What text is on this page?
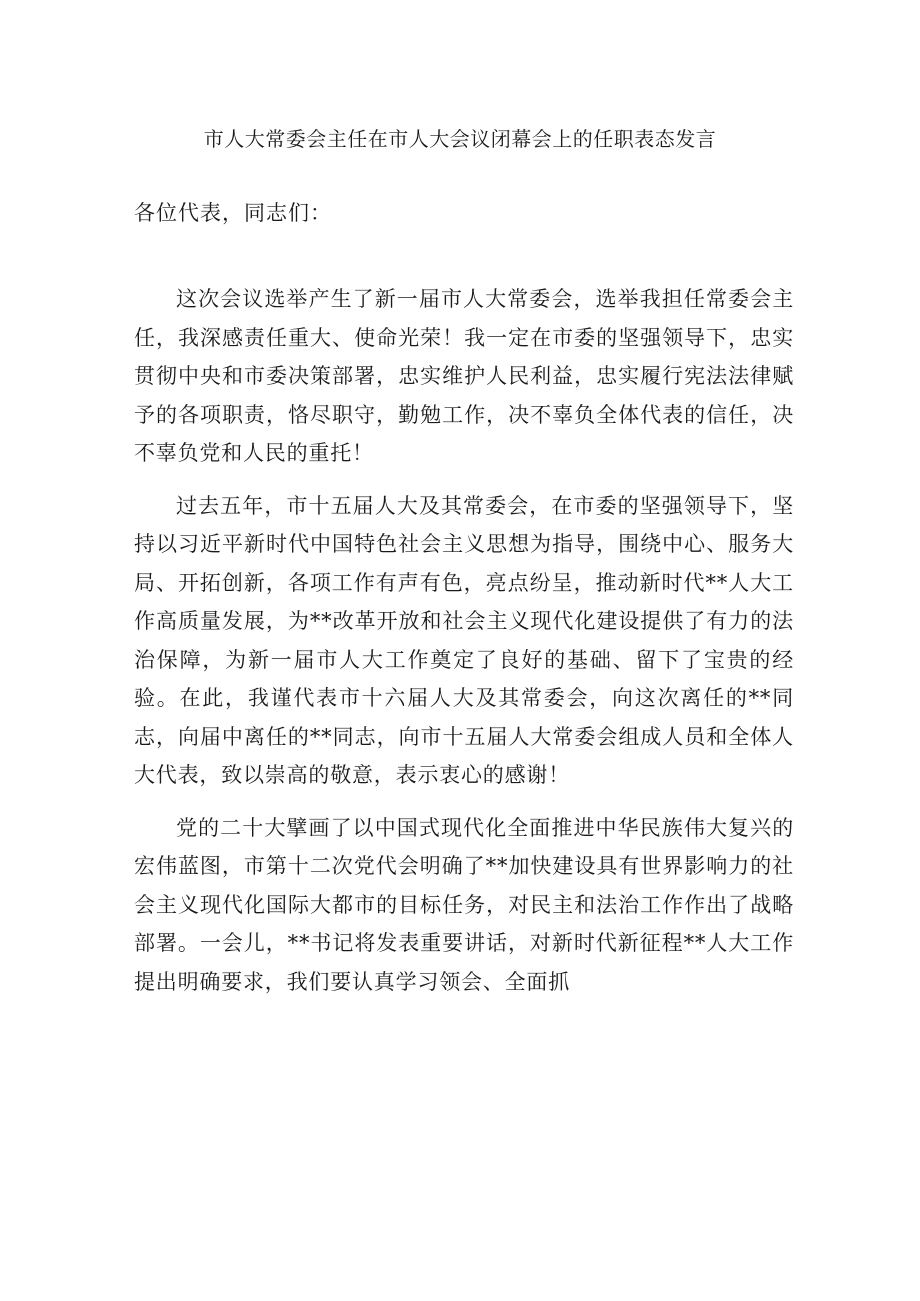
市人大常委会主任在市人大会议闭幕会上的任职表态发言

各位代表，同志们：

这次会议选举产生了新一届市人大常委会，选举我担任常委会主任，我深感责任重大、使命光荣！我一定在市委的坚强领导下，忠实贯彻中央和市委决策部署，忠实维护人民利益，忠实履行宪法法律赋予的各项职责，恪尽职守，勤勉工作，决不辜负全体代表的信任，决不辜负党和人民的重托！

过去五年，市十五届人大及其常委会，在市委的坚强领导下，坚持以习近平新时代中国特色社会主义思想为指导，围绕中心、服务大局、开拓创新，各项工作有声有色，亮点纷呈，推动新时代**人大工作高质量发展，为**改革开放和社会主义现代化建设提供了有力的法治保障，为新一届市人大工作奠定了良好的基础、留下了宝贵的经验。在此，我谨代表市十六届人大及其常委会，向这次离任的**同志，向届中离任的**同志，向市十五届人大常委会组成人员和全体人大代表，致以崇高的敬意，表示衷心的感谢！

党的二十大擘画了以中国式现代化全面推进中华民族伟大复兴的宏伟蓝图，市第十二次党代会明确了**加快建设具有世界影响力的社会主义现代化国际大都市的目标任务，对民主和法治工作作出了战略部署。一会儿，**书记将发表重要讲话，对新时代新征程**人大工作提出明确要求，我们要认真学习领会、全面抓
